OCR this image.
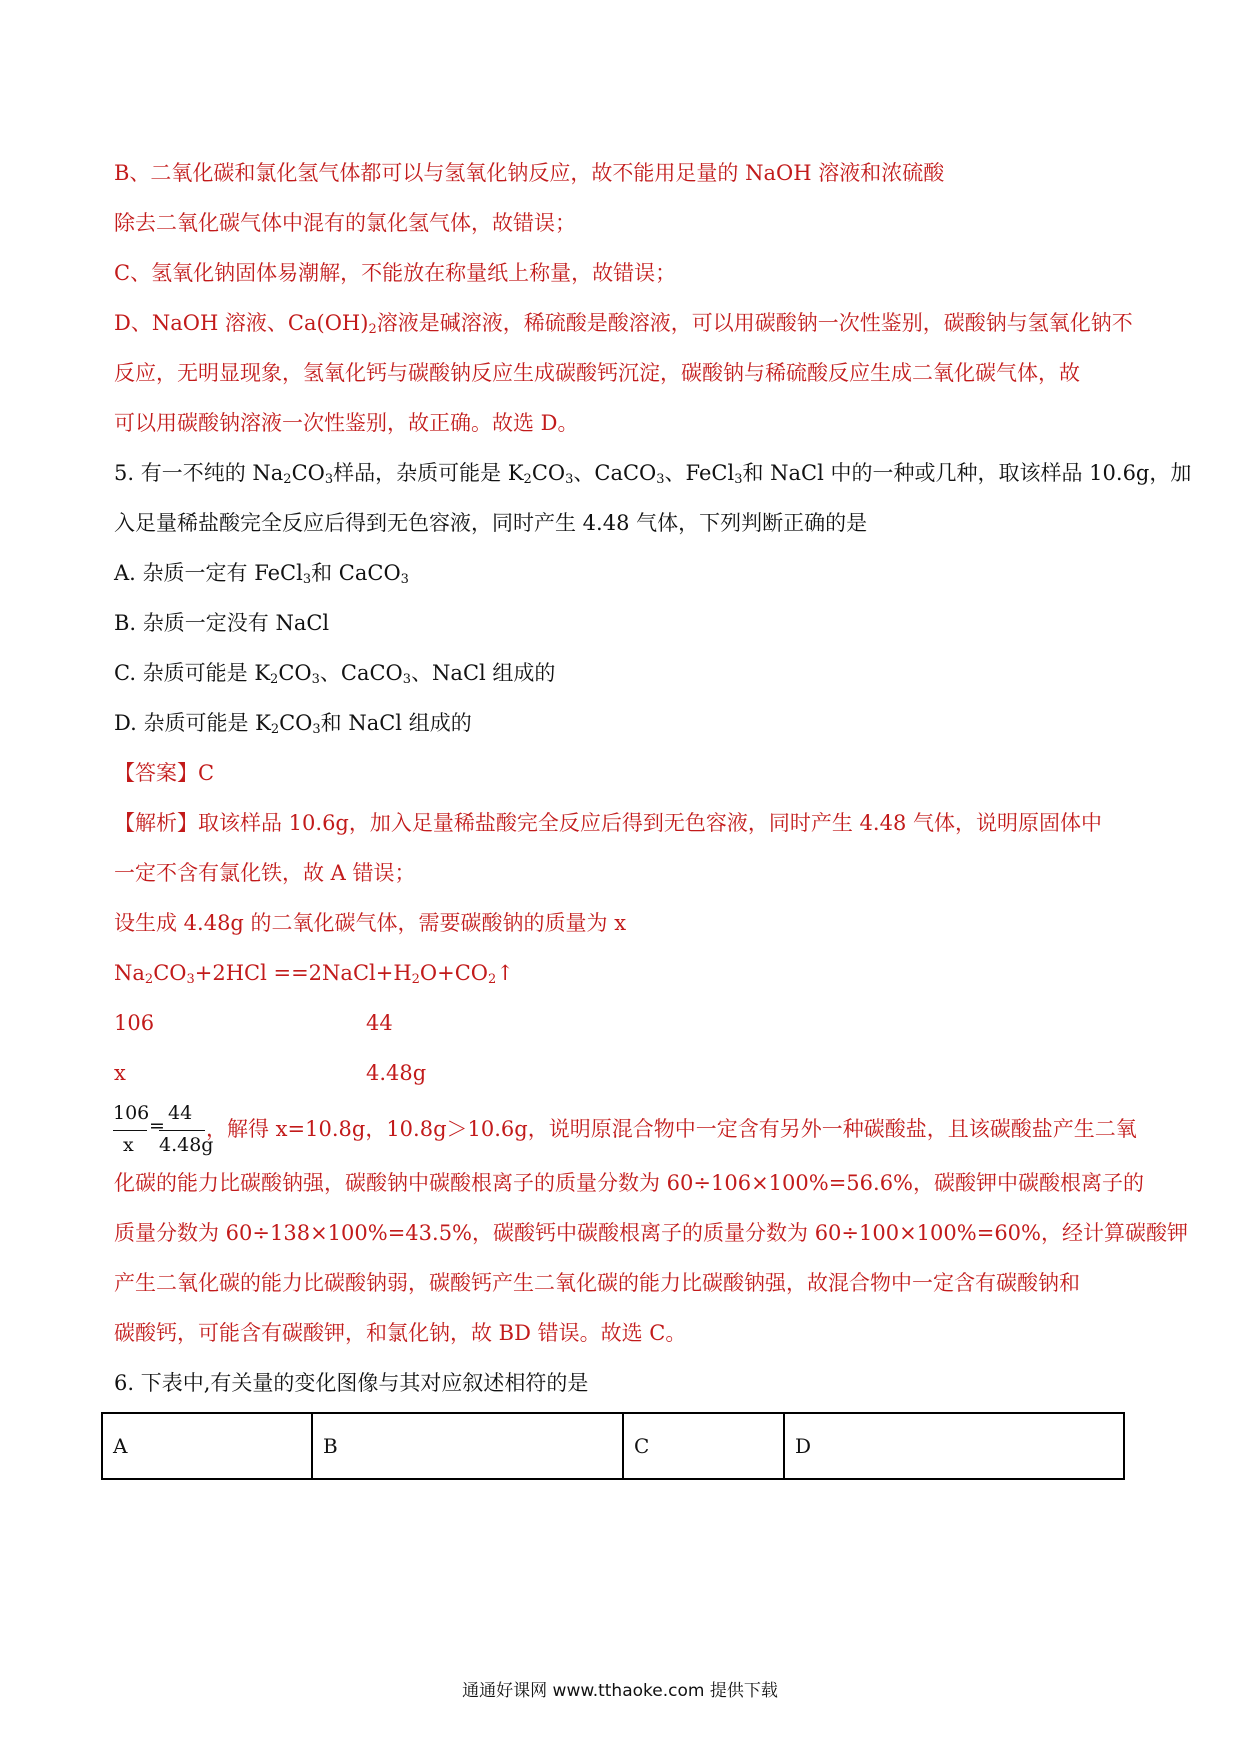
B、二氧化碳和氯化氢气体都可以与氢氧化钠反应，故不能用足量的 NaOH 溶液和浓硫酸
除去二氧化碳气体中混有的氯化氢气体，故错误；
C、氢氧化钠固体易潮解，不能放在称量纸上称量，故错误；
D、NaOH 溶液、$Ca(OH)_2$溶液是碱溶液，稀硫酸是酸溶液，可以用碳酸钠一次性鉴别，碳酸钠与氢氧化钠不
反应，无明显现象，氢氧化钙与碳酸钠反应生成碳酸钙沉淀，碳酸钠与稀硫酸反应生成二氧化碳气体，故
可以用碳酸钠溶液一次性鉴别，故正确。故选 D。
5. 有一不纯的 $Na_2CO_3$样品，杂质可能是 $K_2CO_3$、CaCO$_3$、FeCl$_3$和 NaCl 中的一种或几种，取该样品 10.6g，加
入足量稀盐酸完全反应后得到无色容液，同时产生 4.48 气体，下列判断正确的是
A. 杂质一定有 FeCl$_3$和 CaCO$_3$
B. 杂质一定没有 NaCl
C. 杂质可能是 $K_2CO_3$、CaCO$_3$、NaCl 组成的
D. 杂质可能是 $K_2CO_3$和 NaCl 组成的
【答案】C
【解析】取该样品 10.6g，加入足量稀盐酸完全反应后得到无色容液，同时产生 4.48 气体，说明原固体中
一定不含有氯化铁，故 A 错误；
设生成 4.48g 的二氧化碳气体，需要碳酸钠的质量为 x
$Na_2CO_3+2HCl$ $==2NaCl+H_2O+CO_2↑$
106	44
x	4.48g
106
x
=
44
4.48g
，解得 x=10.8g，10.8g＞10.6g，说明原混合物中一定含有另外一种碳酸盐，且该碳酸盐产生二氧
化碳的能力比碳酸钠强，碳酸钠中碳酸根离子的质量分数为 60÷106×100%=56.6%，碳酸钾中碳酸根离子的
质量分数为 60÷138×100%=43.5%，碳酸钙中碳酸根离子的质量分数为 60÷100×100%=60%，经计算碳酸钾
产生二氧化碳的能力比碳酸钠弱，碳酸钙产生二氧化碳的能力比碳酸钠强，故混合物中一定含有碳酸钠和
碳酸钙，可能含有碳酸钾，和氯化钠，故 BD 错误。故选 C。
6. 下表中,有关量的变化图像与其对应叙述相符的是
A	B	C	D
通通好课网 www.tthaoke.com 提供下载
